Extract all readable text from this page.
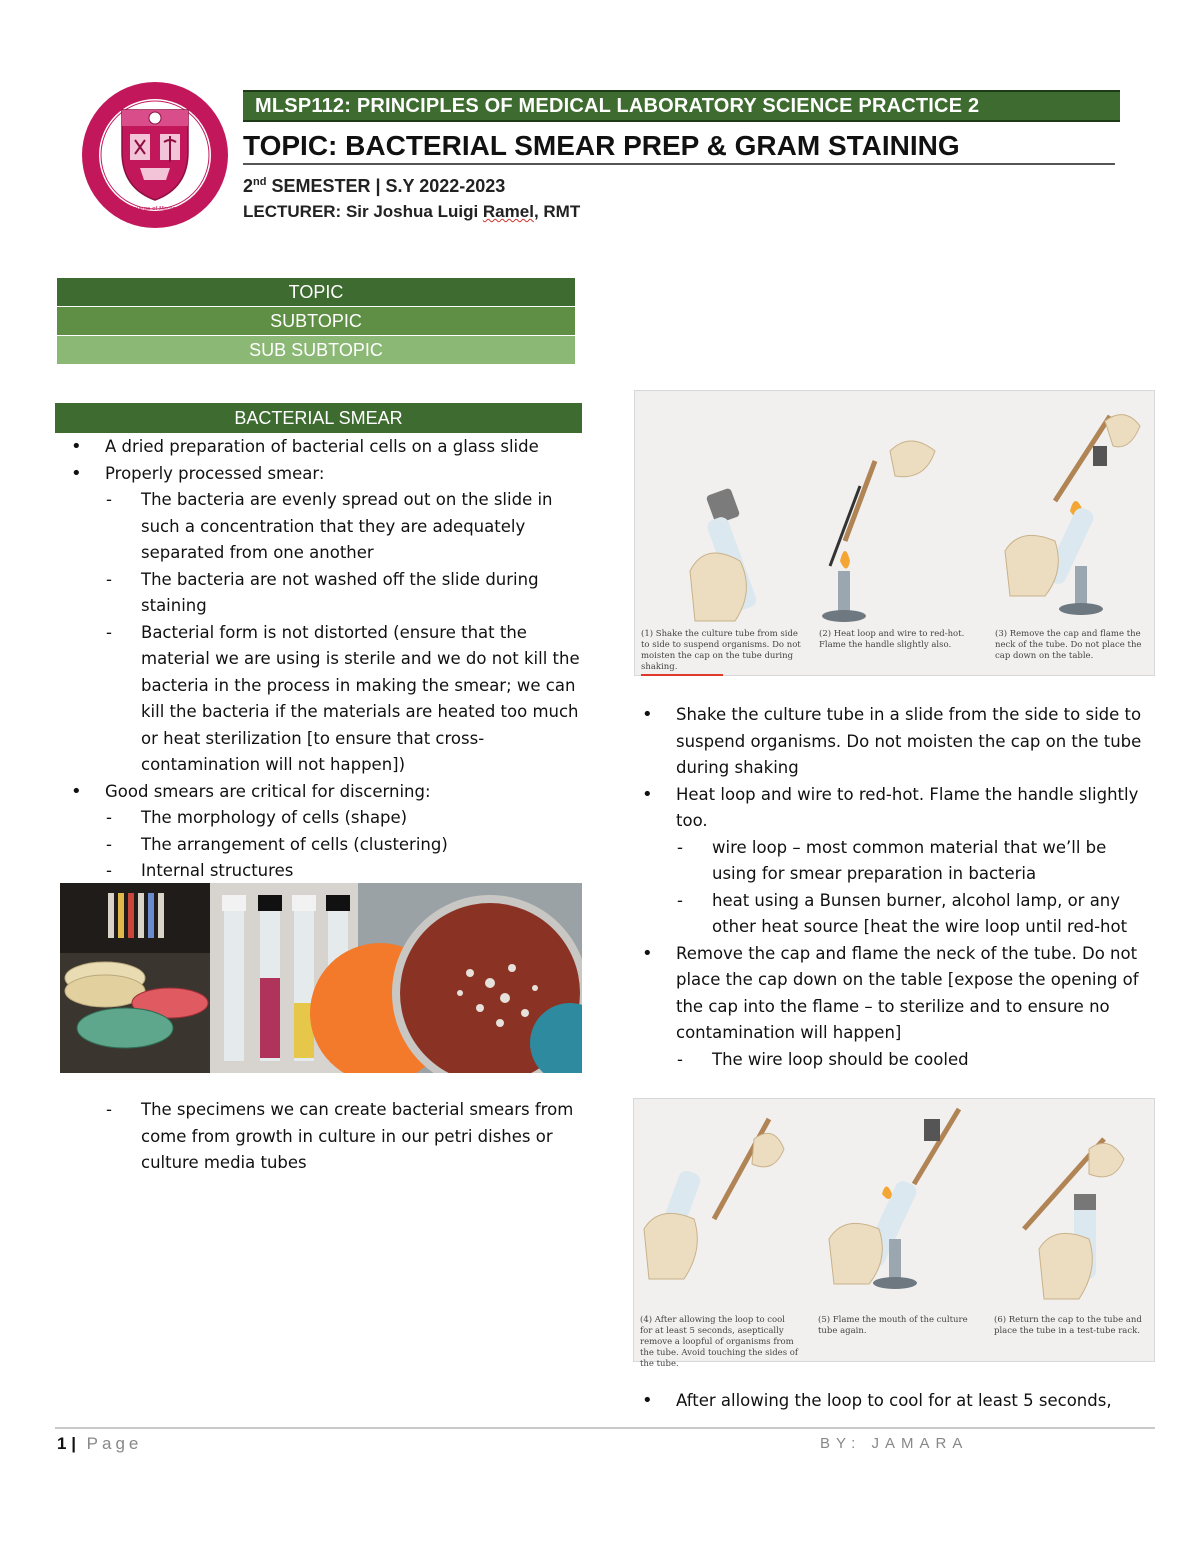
College of Medical
Laboratory Science
MLSP112: PRINCIPLES OF MEDICAL LABORATORY SCIENCE PRACTICE 2
TOPIC: BACTERIAL SMEAR PREP & GRAM STAINING
2nd SEMESTER | S.Y 2022-2023
LECTURER: Sir Joshua Luigi Ramel, RMT
TOPIC
SUBTOPIC
SUB SUBTOPIC
BACTERIAL SMEAR
• A dried preparation of bacterial cells on a glass slide
• Properly processed smear:
- The bacteria are evenly spread out on the slide in such a concentration that they are adequately separated from one another
- The bacteria are not washed off the slide during staining
- Bacterial form is not distorted (ensure that the material we are using is sterile and we do not kill the bacteria in the process in making the smear; we can kill the bacteria if the materials are heated too much or heat sterilization [to ensure that cross-contamination will not happen])
• Good smears are critical for discerning:
- The morphology of cells (shape)
- The arrangement of cells (clustering)
- Internal structures
- The specimens we can create bacterial smears from come from growth in culture in our petri dishes or culture media tubes
(1) Shake the culture tube from side to side to suspend organisms. Do not moisten the cap on the tube during shaking.
(2) Heat loop and wire to red-hot. Flame the handle slightly also.
(3) Remove the cap and flame the neck of the tube. Do not place the cap down on the table.
• Shake the culture tube in a slide from the side to side to suspend organisms. Do not moisten the cap on the tube during shaking
• Heat loop and wire to red-hot. Flame the handle slightly too.
- wire loop – most common material that we’ll be using for smear preparation in bacteria
- heat using a Bunsen burner, alcohol lamp, or any other heat source [heat the wire loop until red-hot
• Remove the cap and flame the neck of the tube. Do not place the cap down on the table [expose the opening of the cap into the flame – to sterilize and to ensure no contamination will happen]
- The wire loop should be cooled
(4) After allowing the loop to cool for at least 5 seconds, aseptically remove a loopful of organisms from the tube. Avoid touching the sides of the tube.
(5) Flame the mouth of the culture tube again.
(6) Return the cap to the tube and place the tube in a test-tube rack.
• After allowing the loop to cool for at least 5 seconds,
1 | Page	BY: JAMARA
